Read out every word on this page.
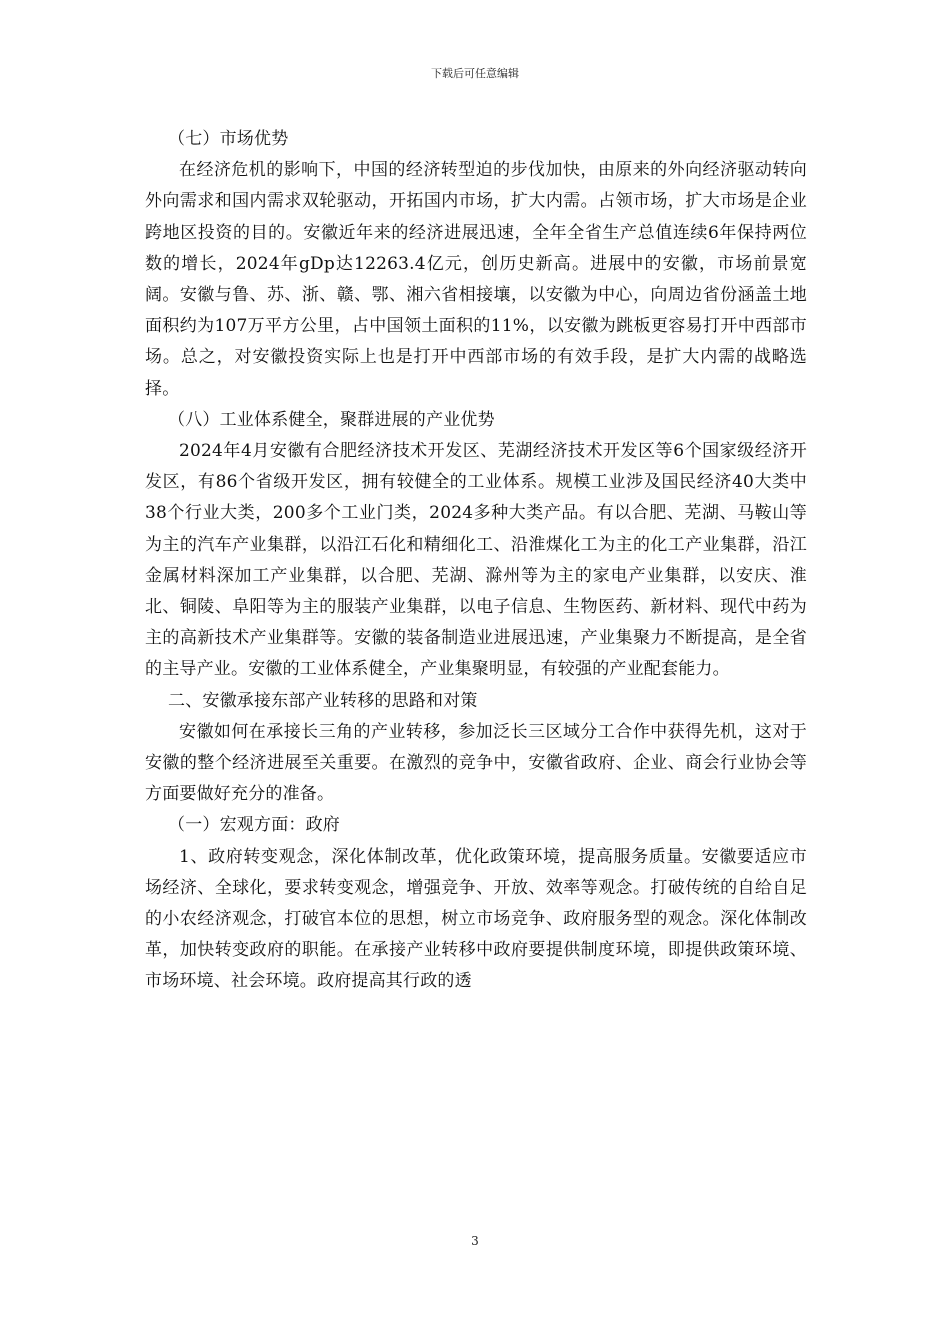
下载后可任意编辑

（七）市场优势

在经济危机的影响下，中国的经济转型迫的步伐加快，由原来的外向经济驱动转向外向需求和国内需求双轮驱动，开拓国内市场，扩大内需。占领市场，扩大市场是企业跨地区投资的目的。安徽近年来的经济进展迅速，全年全省生产总值连续6年保持两位数的增长，2024年gDp达12263.4亿元，创历史新高。进展中的安徽，市场前景宽阔。安徽与鲁、苏、浙、赣、鄂、湘六省相接壤，以安徽为中心，向周边省份涵盖土地面积约为107万平方公里，占中国领土面积的11%，以安徽为跳板更容易打开中西部市场。总之，对安徽投资实际上也是打开中西部市场的有效手段，是扩大内需的战略选择。

（八）工业体系健全，聚群进展的产业优势

2024年4月安徽有合肥经济技术开发区、芜湖经济技术开发区等6个国家级经济开发区，有86个省级开发区，拥有较健全的工业体系。规模工业涉及国民经济40大类中38个行业大类，200多个工业门类，2024多种大类产品。有以合肥、芜湖、马鞍山等为主的汽车产业集群，以沿江石化和精细化工、沿淮煤化工为主的化工产业集群，沿江金属材料深加工产业集群，以合肥、芜湖、滁州等为主的家电产业集群，以安庆、淮北、铜陵、阜阳等为主的服装产业集群，以电子信息、生物医药、新材料、现代中药为主的高新技术产业集群等。安徽的装备制造业进展迅速，产业集聚力不断提高，是全省的主导产业。安徽的工业体系健全，产业集聚明显，有较强的产业配套能力。

二、安徽承接东部产业转移的思路和对策

安徽如何在承接长三角的产业转移，参加泛长三区域分工合作中获得先机，这对于安徽的整个经济进展至关重要。在激烈的竞争中，安徽省政府、企业、商会行业协会等方面要做好充分的准备。

（一）宏观方面：政府

1、政府转变观念，深化体制改革，优化政策环境，提高服务质量。安徽要适应市场经济、全球化，要求转变观念，增强竞争、开放、效率等观念。打破传统的自给自足的小农经济观念，打破官本位的思想，树立市场竞争、政府服务型的观念。深化体制改革，加快转变政府的职能。在承接产业转移中政府要提供制度环境，即提供政策环境、市场环境、社会环境。政府提高其行政的透

3
